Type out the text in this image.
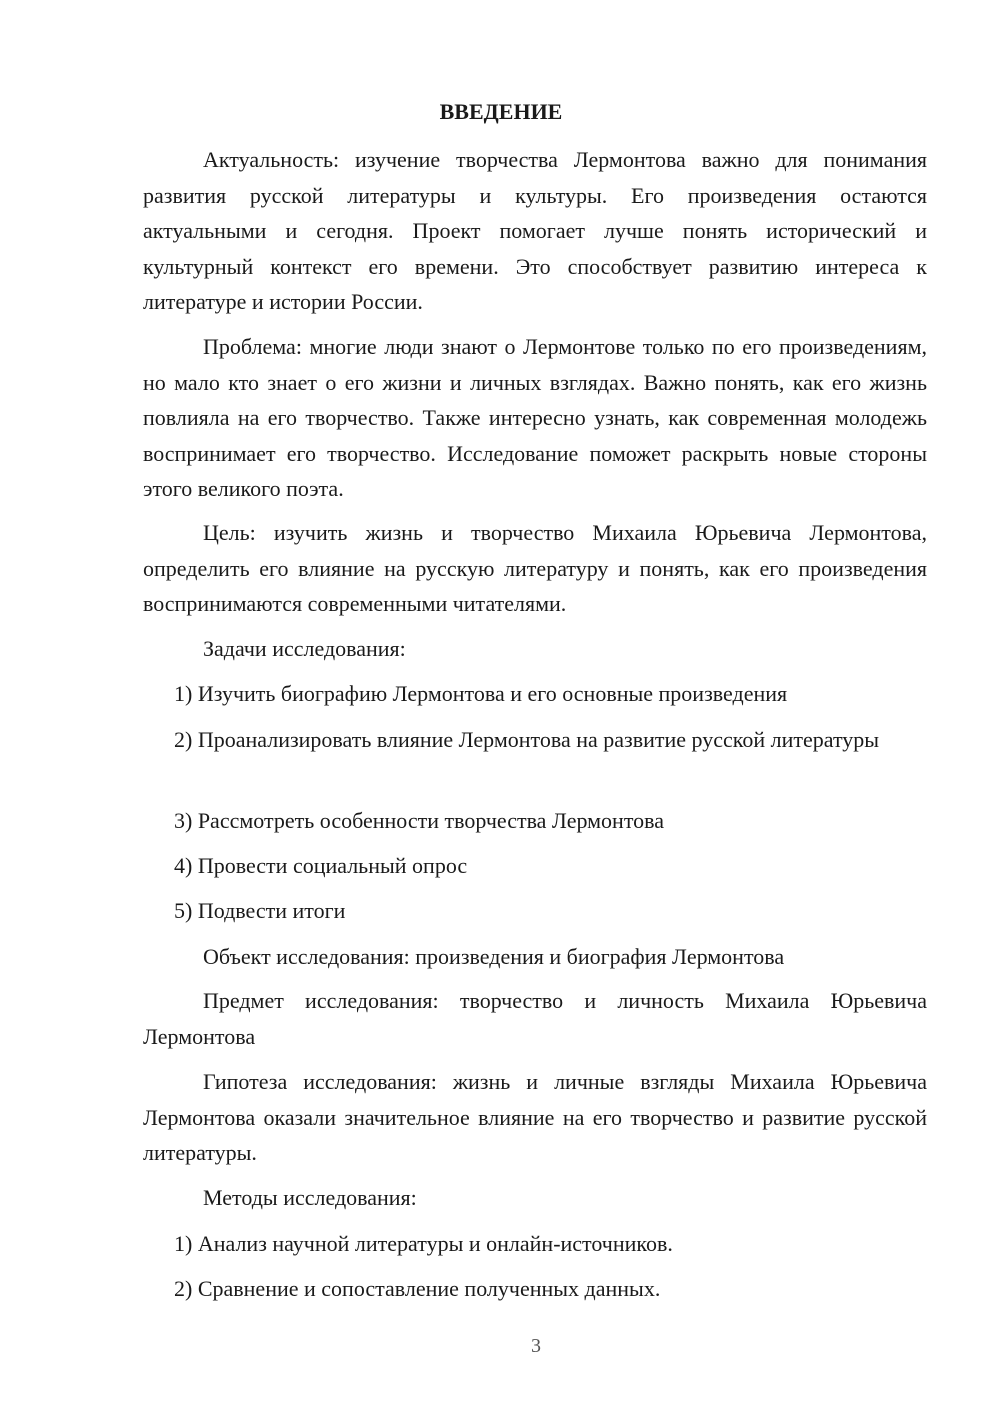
ВВЕДЕНИЕ

Актуальность: изучение творчества Лермонтова важно для понимания развития русской литературы и культуры. Его произведения остаются актуальными и сегодня. Проект помогает лучше понять исторический и культурный контекст его времени. Это способствует развитию интереса к литературе и истории России.

Проблема: многие люди знают о Лермонтове только по его произведениям, но мало кто знает о его жизни и личных взглядах. Важно понять, как его жизнь повлияла на его творчество. Также интересно узнать, как современная молодежь воспринимает его творчество. Исследование поможет раскрыть новые стороны этого великого поэта.

Цель: изучить жизнь и творчество Михаила Юрьевича Лермонтова, определить его влияние на русскую литературу и понять, как его произведения воспринимаются современными читателями.

Задачи исследования:

1) Изучить биографию Лермонтова и его основные произведения

2) Проанализировать влияние Лермонтова на развитие русской литературы

3) Рассмотреть особенности творчества Лермонтова

4) Провести социальный опрос

5) Подвести итоги

Объект исследования: произведения и биография Лермонтова

Предмет исследования: творчество и личность Михаила Юрьевича Лермонтова

Гипотеза исследования: жизнь и личные взгляды Михаила Юрьевича Лермонтова оказали значительное влияние на его творчество и развитие русской литературы.

Методы исследования:

1) Анализ научной литературы и онлайн-источников.

2) Сравнение и сопоставление полученных данных.

3
